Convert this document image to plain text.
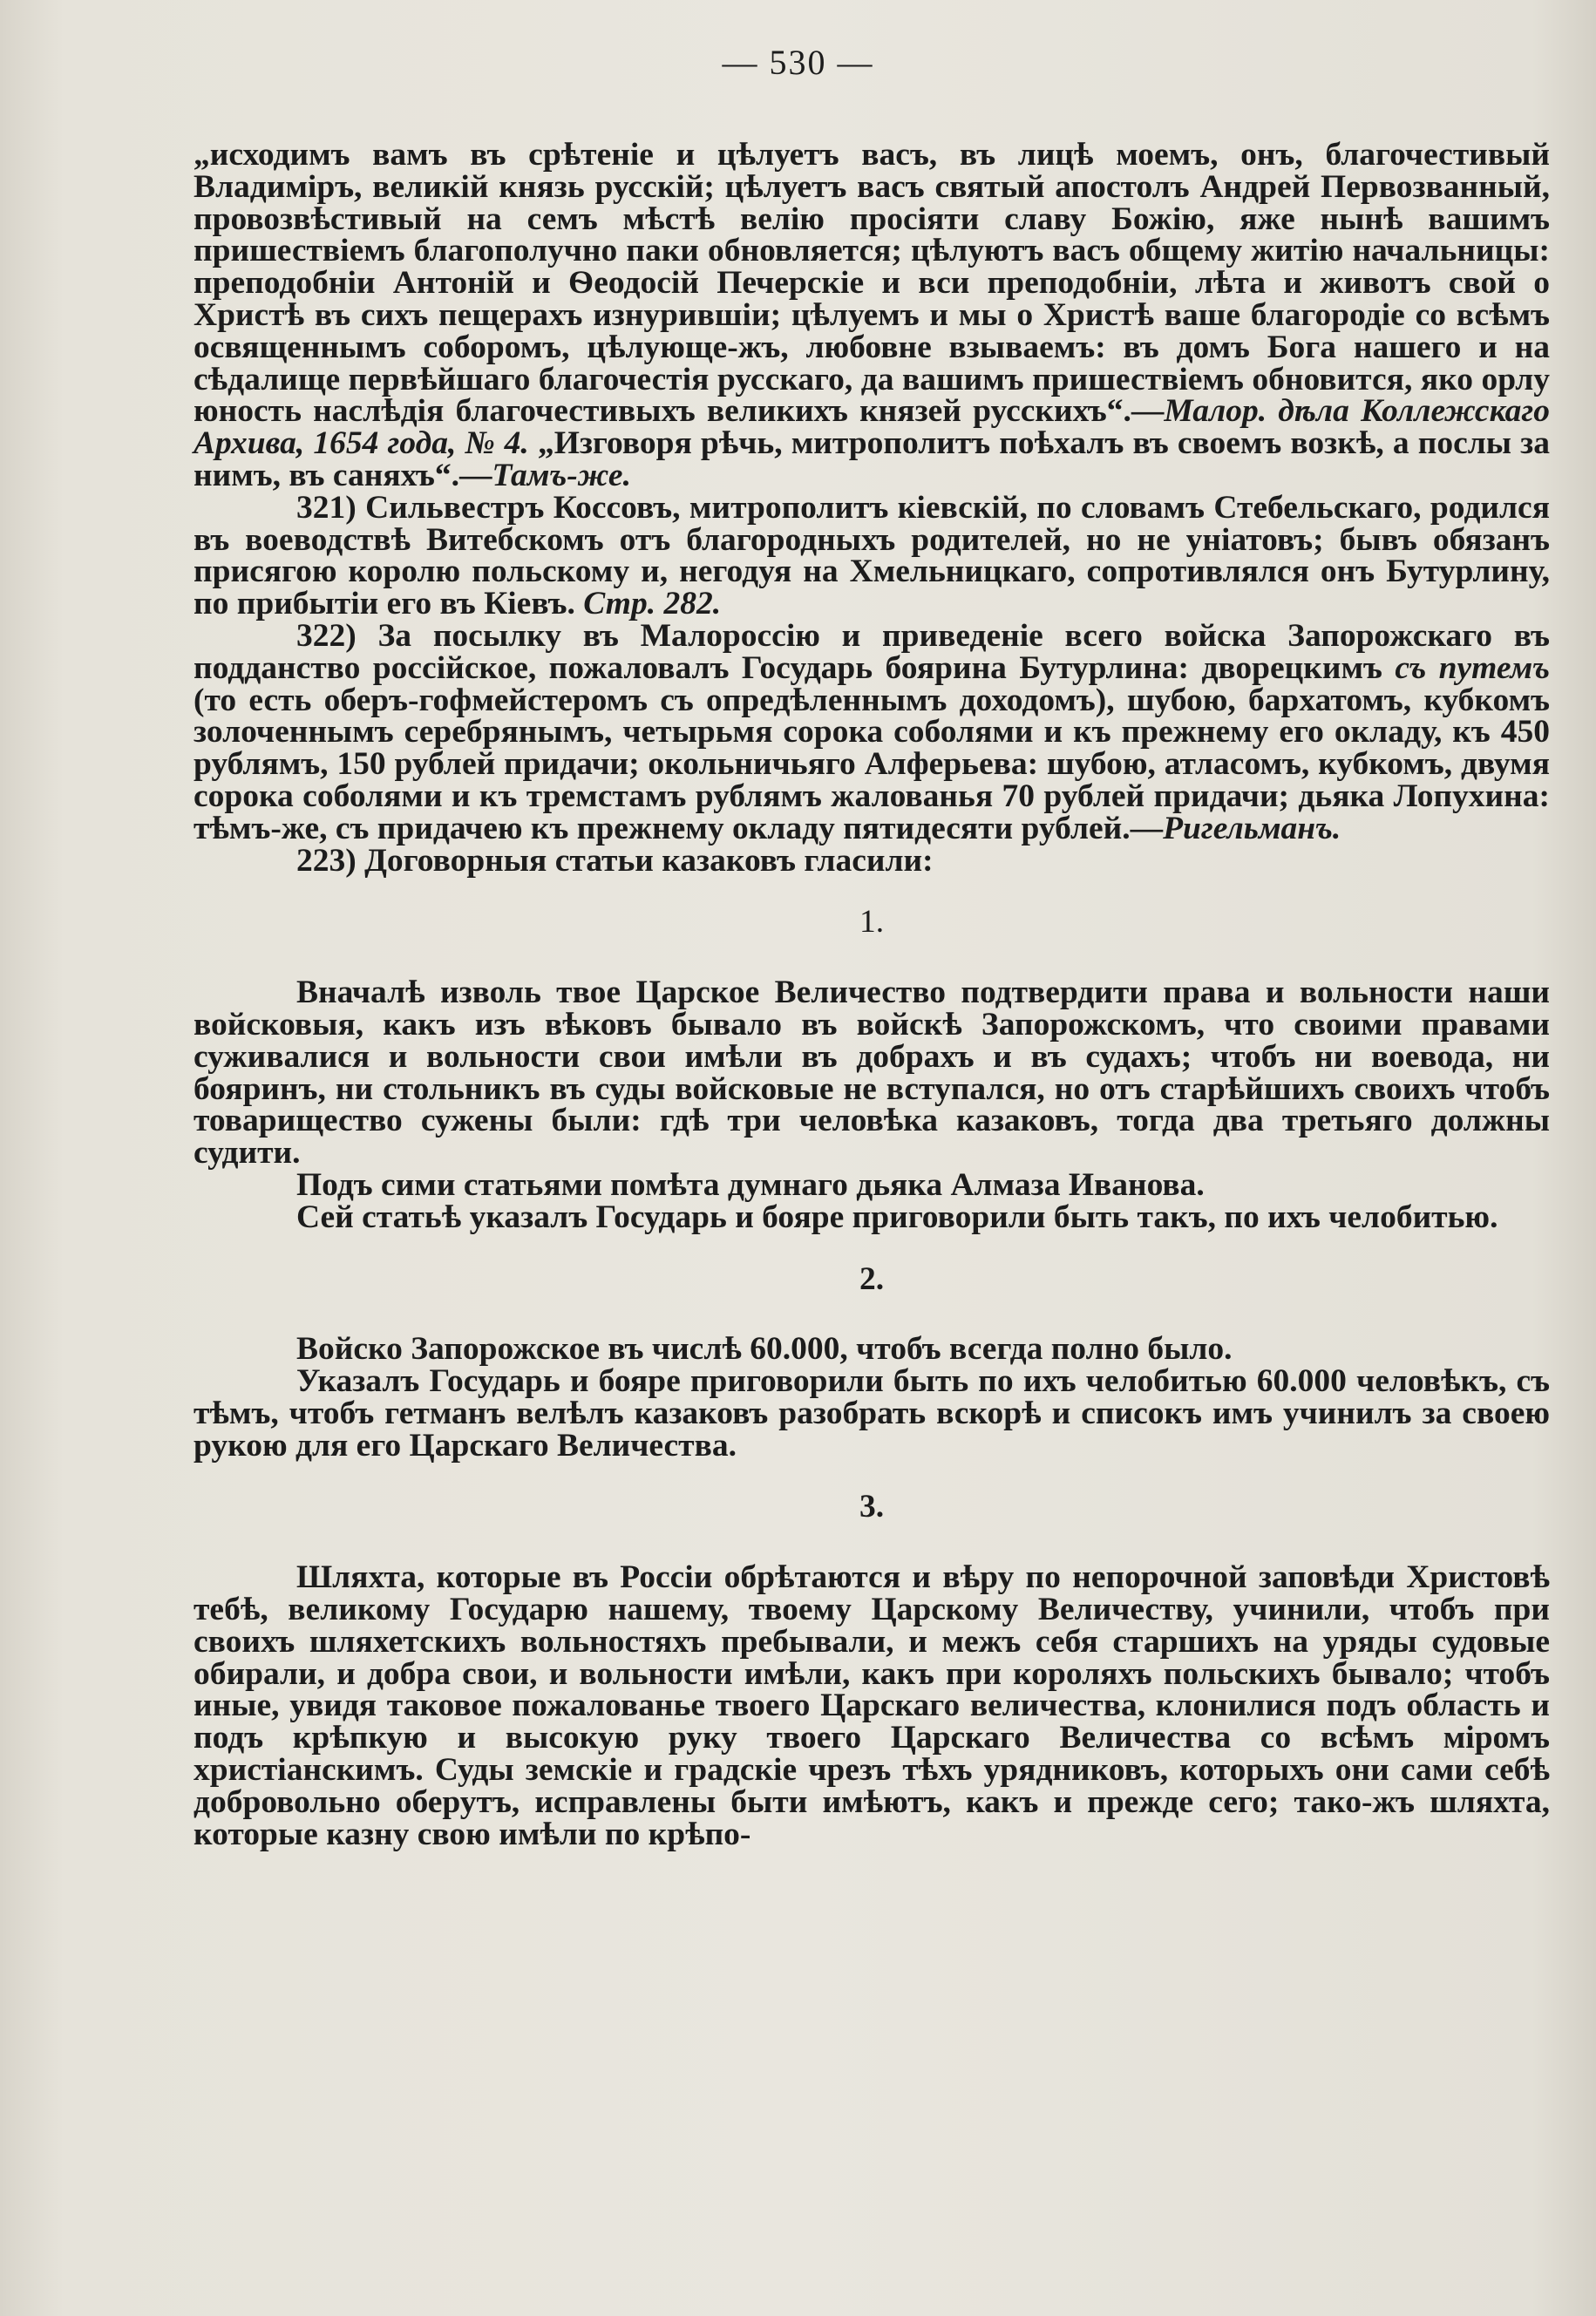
— 530 —

„исходимъ вамъ въ срѣтеніе и цѣлуетъ васъ, въ лицѣ моемъ, онъ, благочестивый Владиміръ, великій князь русскій; цѣлуетъ васъ святый апостолъ Андрей Первозванный, провозвѣстивый на семъ мѣстѣ велію просіяти славу Божію, яже нынѣ вашимъ пришествіемъ благополучно паки обновляется; цѣлуютъ васъ общему житію начальницы: преподобніи Антоній и Ѳеодосій Печерскіе и вси преподобніи, лѣта и животъ свой о Христѣ въ сихъ пещерахъ изнурившіи; цѣлуемъ и мы о Христѣ ваше благородіе со всѣмъ освященнымъ соборомъ, цѣлующе-жъ, любовне взываемъ: въ домъ Бога нашего и на сѣдалище первѣйшаго благочестія русскаго, да вашимъ пришествіемъ обновится, яко орлу юность наслѣдія благочестивыхъ великихъ князей русскихъ“.—Малор. дѣла Коллежскаго Архива, 1654 года, № 4. „Изговоря рѣчь, митрополитъ поѣхалъ въ своемъ возкѣ, а послы за нимъ, въ саняхъ“.—Тамъ-же.

321) Сильвестръ Коссовъ, митрополитъ кіевскій, по словамъ Стебельскаго, родился въ воеводствѣ Витебскомъ отъ благородныхъ родителей, но не уніатовъ; бывъ обязанъ присягою королю польскому и, негодуя на Хмельницкаго, сопротивлялся онъ Бутурлину, по прибытіи его въ Кіевъ. Стр. 282.

322) За посылку въ Малороссію и приведеніе всего войска Запорожскаго въ подданство россійское, пожаловалъ Государь боярина Бутурлина: дворецкимъ съ путемъ (то есть оберъ-гофмейстеромъ съ опредѣленнымъ доходомъ), шубою, бархатомъ, кубкомъ золоченнымъ серебрянымъ, четырьмя сорока соболями и къ прежнему его окладу, къ 450 рублямъ, 150 рублей придачи; окольничьяго Алферьева: шубою, атласомъ, кубкомъ, двумя сорока соболями и къ тремстамъ рублямъ жалованья 70 рублей придачи; дьяка Лопухина: тѣмъ-же, съ придачею къ прежнему окладу пятидесяти рублей.—Ригельманъ.

223) Договорныя статьи казаковъ гласили:

1.

Вначалѣ изволь твое Царское Величество подтвердити права и вольности наши войсковыя, какъ изъ вѣковъ бывало въ войскѣ Запорожскомъ, что своими правами суживалися и вольности свои имѣли въ добрахъ и въ судахъ; чтобъ ни воевода, ни бояринъ, ни стольникъ въ суды войсковые не вступался, но отъ старѣйшихъ своихъ чтобъ товарищество сужены были: гдѣ три человѣка казаковъ, тогда два третьяго должны судити.

Подъ сими статьями помѣта думнаго дьяка Алмаза Иванова.

Сей статьѣ указалъ Государь и бояре приговорили быть такъ, по ихъ челобитью.

2.

Войско Запорожское въ числѣ 60.000, чтобъ всегда полно было.

Указалъ Государь и бояре приговорили быть по ихъ челобитью 60.000 человѣкъ, съ тѣмъ, чтобъ гетманъ велѣлъ казаковъ разобрать вскорѣ и списокъ имъ учинилъ за своею рукою для его Царскаго Величества.

3.

Шляхта, которые въ Россіи обрѣтаются и вѣру по непорочной заповѣди Христовѣ тебѣ, великому Государю нашему, твоему Царскому Величеству, учинили, чтобъ при своихъ шляхетскихъ вольностяхъ пребывали, и межъ себя старшихъ на уряды судовые обирали, и добра свои, и вольности имѣли, какъ при короляхъ польскихъ бывало; чтобъ иные, увидя таковое пожалованье твоего Царскаго величества, клонилися подъ область и подъ крѣпкую и высокую руку твоего Царскаго Величества со всѣмъ міромъ христіанскимъ. Суды земскіе и градскіе чрезъ тѣхъ урядниковъ, которыхъ они сами себѣ добровольно оберутъ, исправлены быти имѣютъ, какъ и прежде сего; тако-жъ шляхта, которые казну свою имѣли по крѣпо-
